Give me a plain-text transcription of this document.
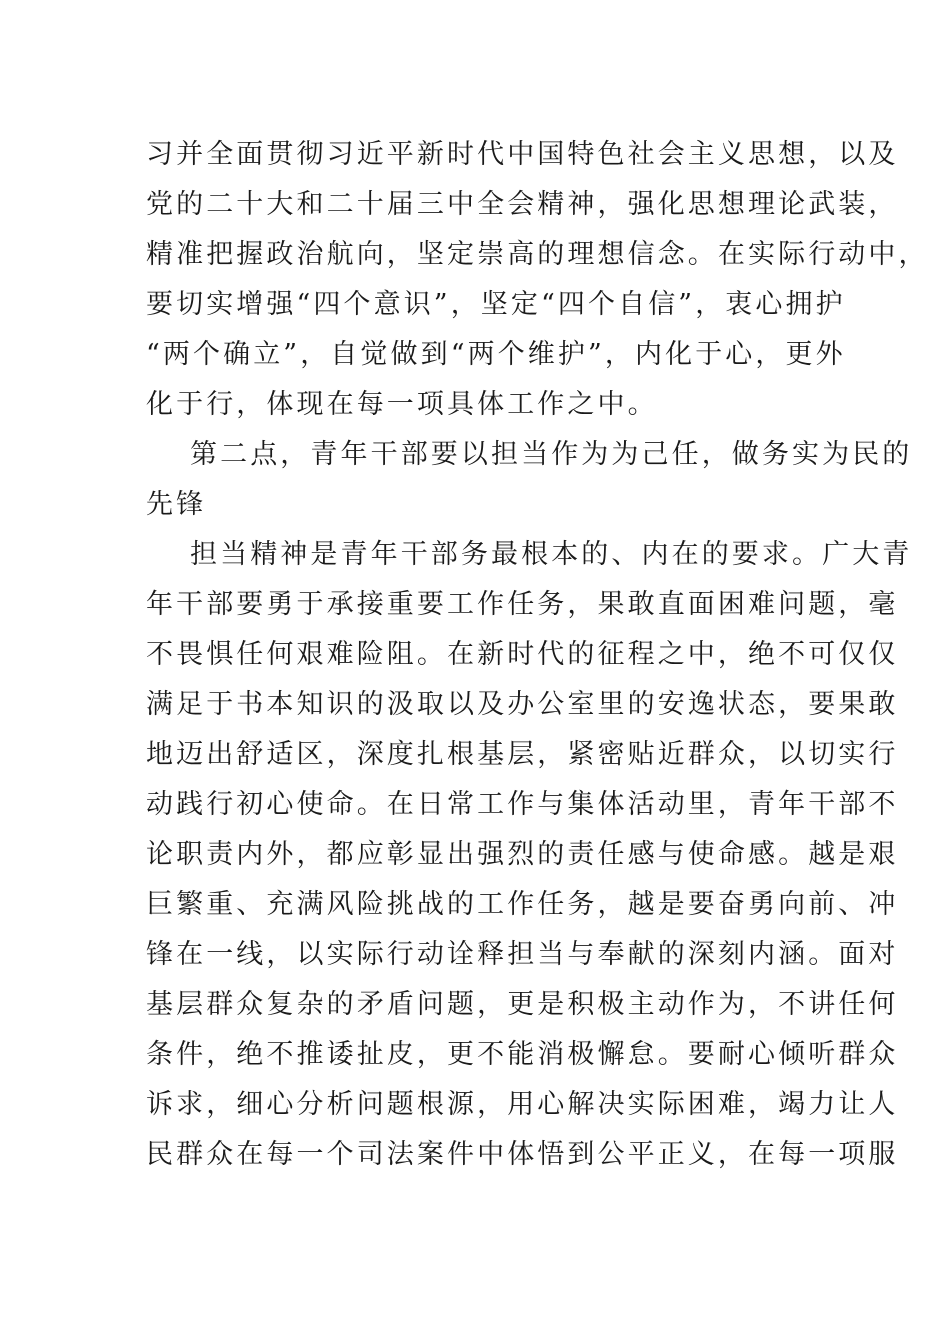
习并全面贯彻习近平新时代中国特色社会主义思想，以及
党的二十大和二十届三中全会精神，强化思想理论武装，
精准把握政治航向，坚定崇高的理想信念。在实际行动中，
要切实增强“四个意识”，坚定“四个自信”，衷心拥护
“两个确立”，自觉做到“两个维护”，内化于心，更外
化于行，体现在每一项具体工作之中。
第二点，青年干部要以担当作为为己任，做务实为民的
先锋
担当精神是青年干部务最根本的、内在的要求。广大青
年干部要勇于承接重要工作任务，果敢直面困难问题，毫
不畏惧任何艰难险阻。在新时代的征程之中，绝不可仅仅
满足于书本知识的汲取以及办公室里的安逸状态，要果敢
地迈出舒适区，深度扎根基层，紧密贴近群众，以切实行
动践行初心使命。在日常工作与集体活动里，青年干部不
论职责内外，都应彰显出强烈的责任感与使命感。越是艰
巨繁重、充满风险挑战的工作任务，越是要奋勇向前、冲
锋在一线，以实际行动诠释担当与奉献的深刻内涵。面对
基层群众复杂的矛盾问题，更是积极主动作为，不讲任何
条件，绝不推诿扯皮，更不能消极懈怠。要耐心倾听群众
诉求，细心分析问题根源，用心解决实际困难，竭力让人
民群众在每一个司法案件中体悟到公平正义，在每一项服
